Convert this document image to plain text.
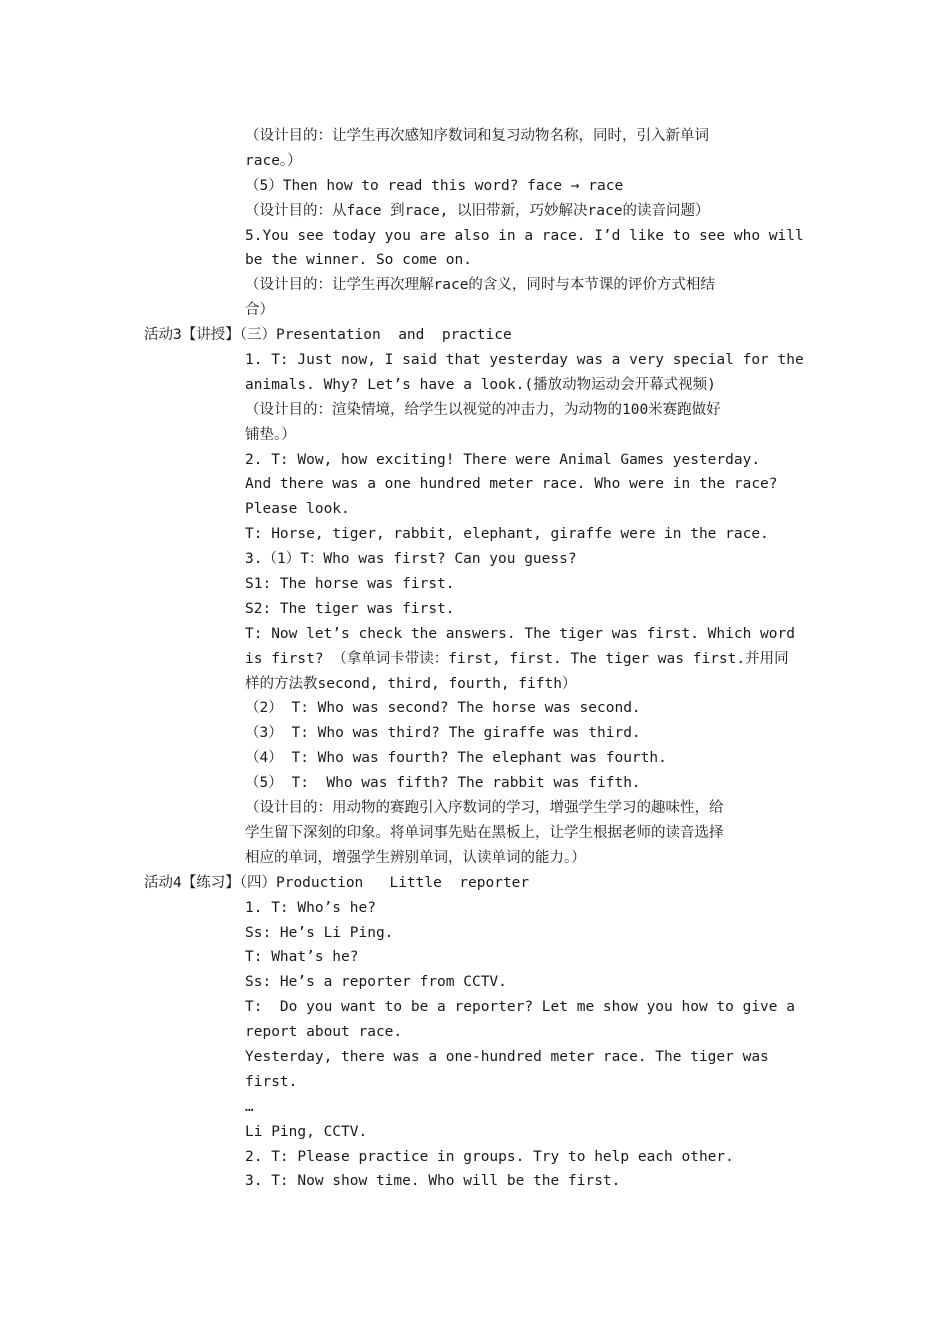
（设计目的：让学生再次感知序数词和复习动物名称，同时，引入新单词
race。）
（5）Then how to read this word? face → race
（设计目的：从face 到race, 以旧带新，巧妙解决race的读音问题）
5.You see today you are also in a race. I’d like to see who will
be the winner. So come on.
（设计目的：让学生再次理解race的含义，同时与本节课的评价方式相结
合）
活动3【讲授】（三）Presentation  and  practice
1. T: Just now, I said that yesterday was a very special for the
animals. Why? Let’s have a look.(播放动物运动会开幕式视频)
（设计目的：渲染情境，给学生以视觉的冲击力，为动物的100米赛跑做好
铺垫。）
2. T: Wow, how exciting! There were Animal Games yesterday.
And there was a one hundred meter race. Who were in the race?
Please look.
T: Horse, tiger, rabbit, elephant, giraffe were in the race.
3.（1）T：Who was first? Can you guess?
S1: The horse was first.
S2: The tiger was first.
T: Now let’s check the answers. The tiger was first. Which word
is first? （拿单词卡带读：first, first. The tiger was first.并用同
样的方法教second, third, fourth, fifth）
（2） T: Who was second? The horse was second.
（3） T: Who was third? The giraffe was third.
（4） T: Who was fourth? The elephant was fourth.
（5） T:  Who was fifth? The rabbit was fifth.
（设计目的：用动物的赛跑引入序数词的学习，增强学生学习的趣味性，给
学生留下深刻的印象。将单词事先贴在黑板上，让学生根据老师的读音选择
相应的单词，增强学生辨别单词，认读单词的能力。）
活动4【练习】（四）Production   Little  reporter
1. T: Who’s he?
Ss: He’s Li Ping.
T: What’s he?
Ss: He’s a reporter from CCTV.
T:  Do you want to be a reporter? Let me show you how to give a
report about race.
Yesterday, there was a one-hundred meter race. The tiger was
first.
…
Li Ping, CCTV.
2. T: Please practice in groups. Try to help each other.
3. T: Now show time. Who will be the first.
